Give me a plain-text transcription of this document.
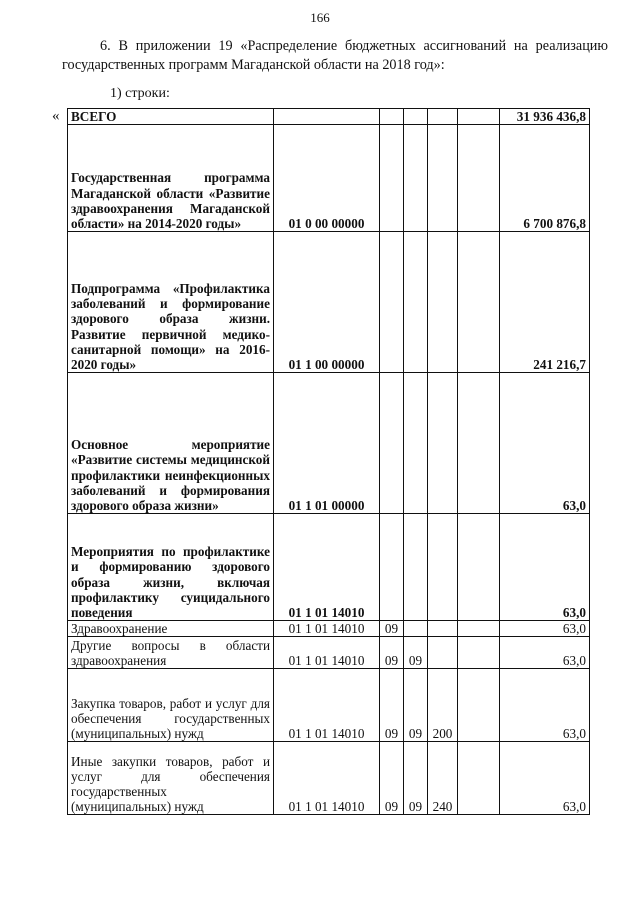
166
6. В приложении 19 «Распределение бюджетных ассигнований на реализацию государственных программ Магаданской области на 2018 год»:
1) строки:
« ВСЕГО						31 936 436,8
Государственная программа Магаданской области «Развитие здравоохранения Магаданской области» на 2014-2020 годы»	01 0 00 00000					6 700 876,8
Подпрограмма «Профилактика заболеваний и формирование здорового образа жизни. Развитие первичной медико-санитарной помощи» на 2016-2020 годы»	01 1 00 00000					241 216,7
Основное мероприятие «Развитие системы медицинской профилактики неинфекционных заболеваний и формирования здорового образа жизни»	01 1 01 00000					63,0
Мероприятия по профилактике и формированию здорового образа жизни, включая профилактику суицидального поведения	01 1 01 14010					63,0
Здравоохранение	01 1 01 14010	09				63,0
Другие вопросы в области здравоохранения	01 1 01 14010	09	09			63,0
Закупка товаров, работ и услуг для обеспечения государственных (муниципальных) нужд	01 1 01 14010	09	09	200		63,0
Иные закупки товаров, работ и услуг для обеспечения государственных (муниципальных) нужд	01 1 01 14010	09	09	240		63,0
